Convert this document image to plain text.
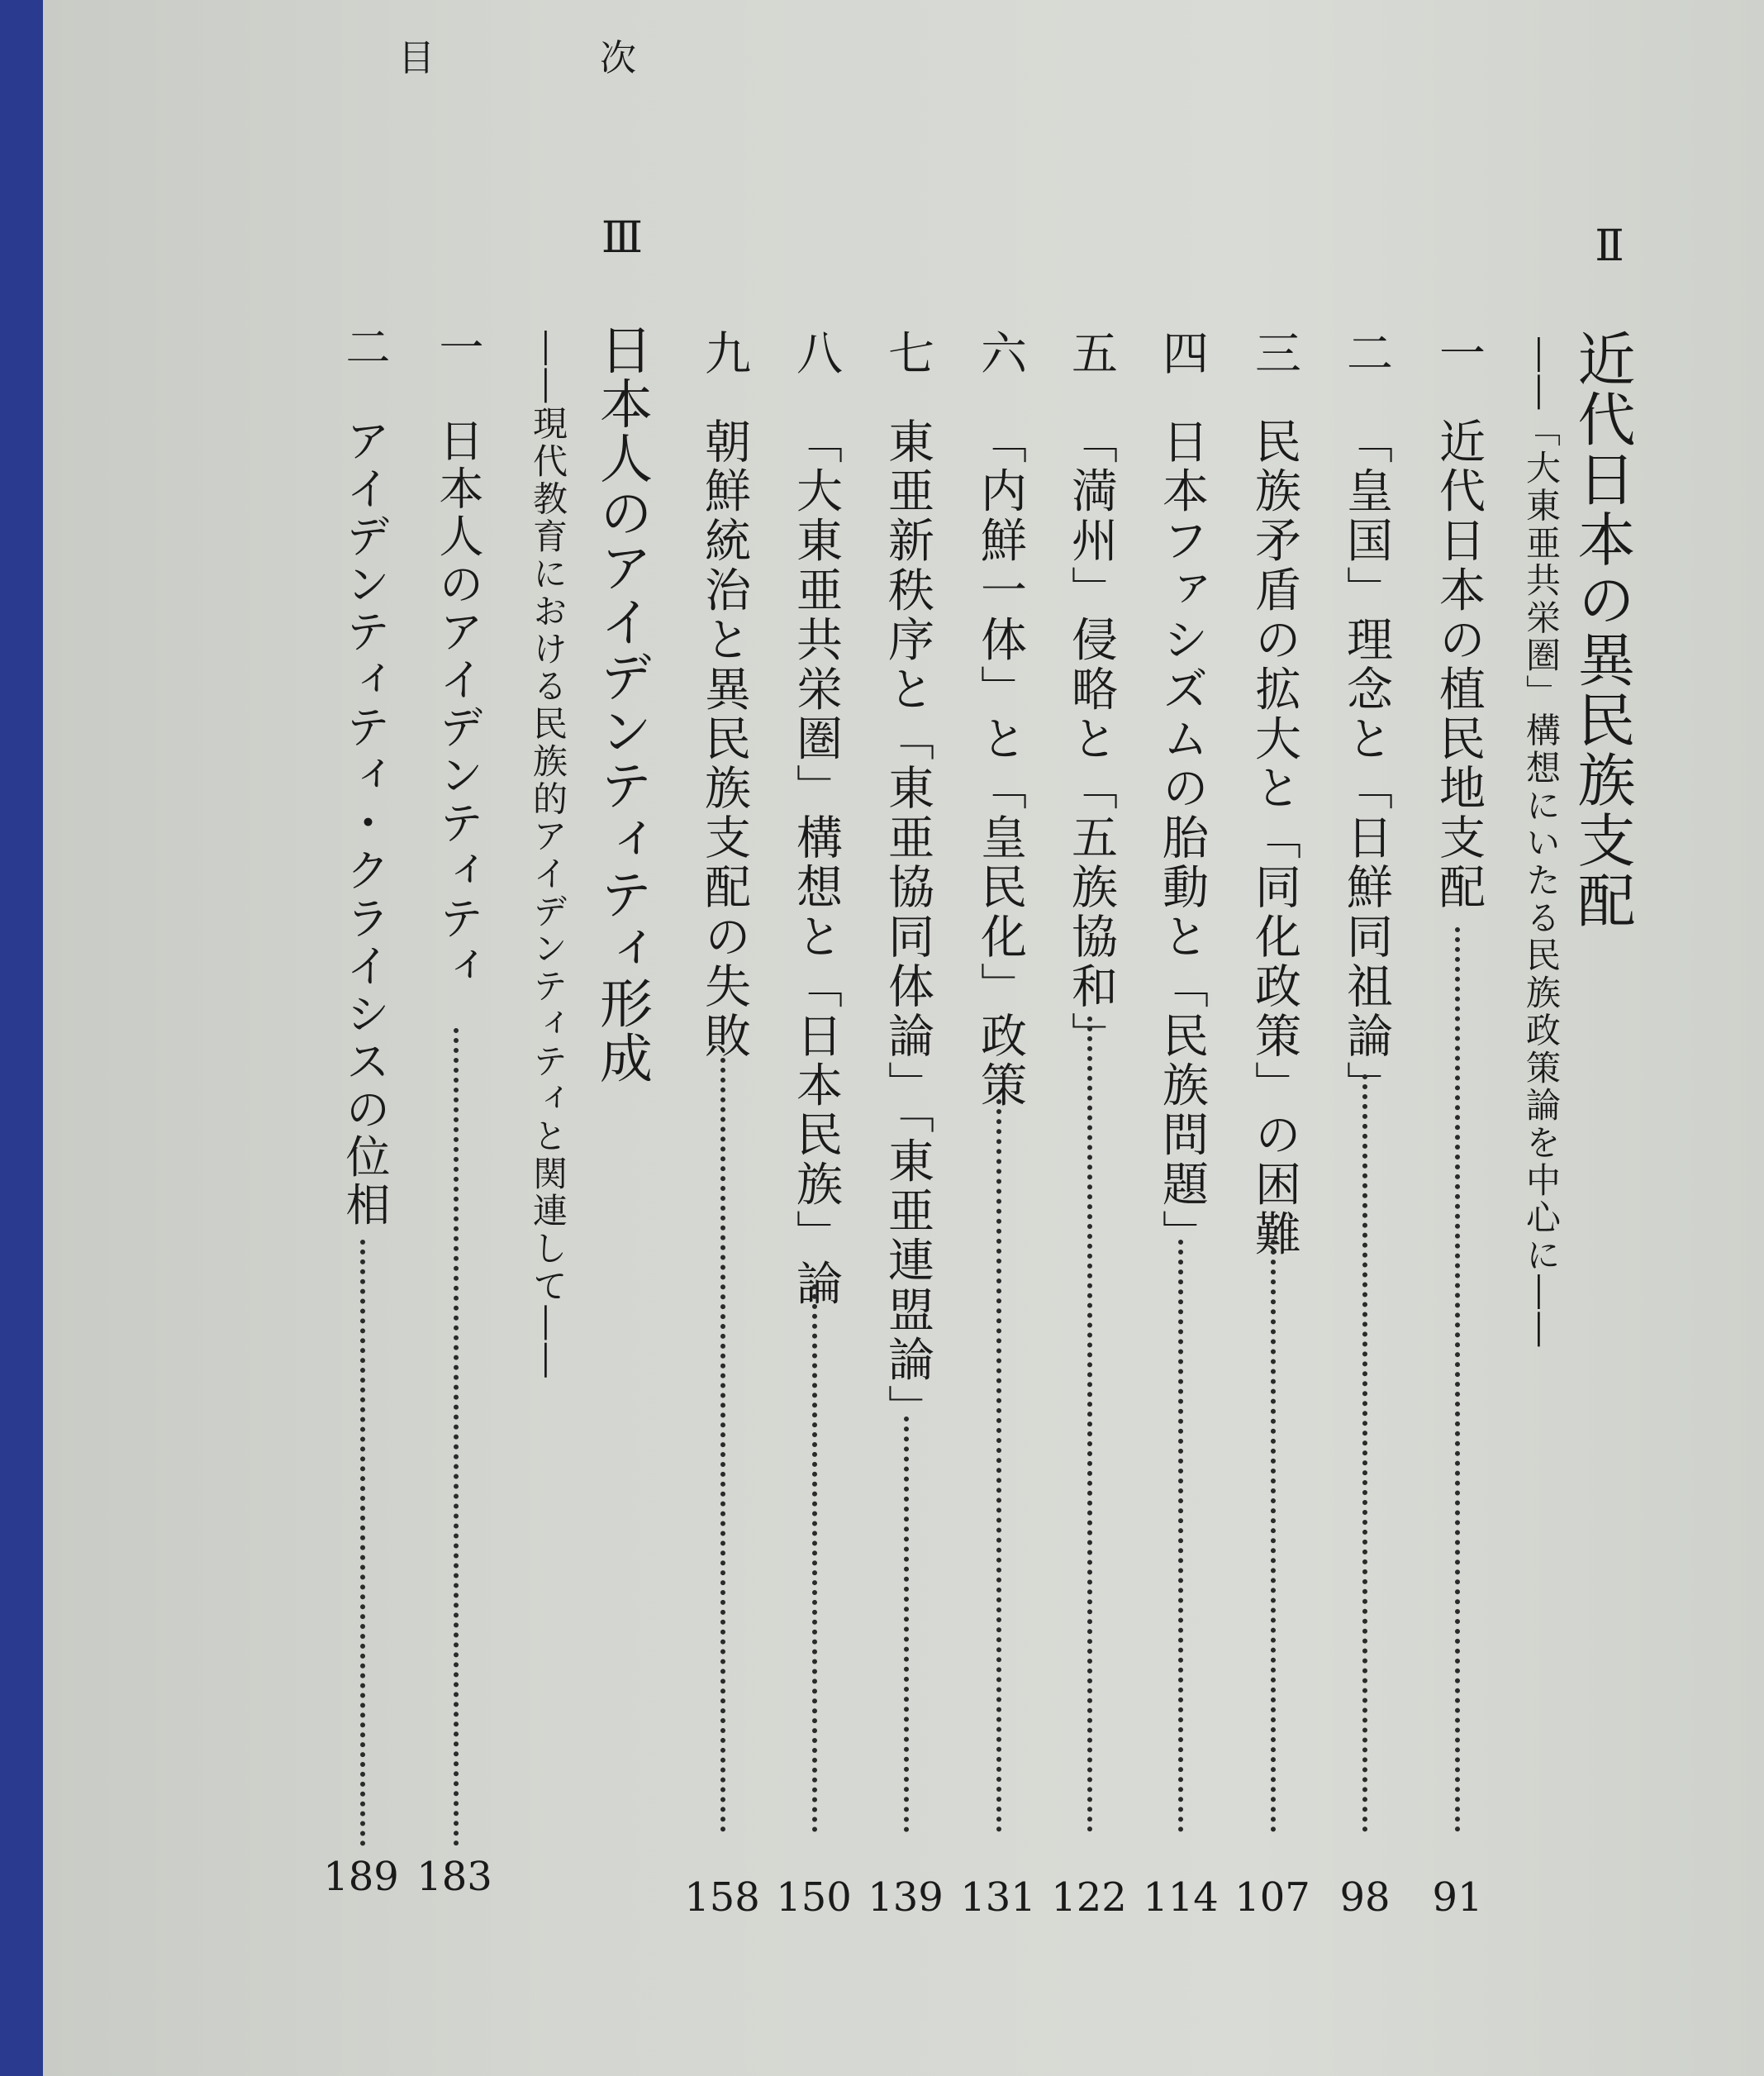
目　次
Ⅱ
近代日本の異民族支配
――「大東亜共栄圏」構想にいたる民族政策論を中心に――
一
近代日本の植民地支配
91
二
「皇国」理念と「日鮮同祖論」
98
三
民族矛盾の拡大と「同化政策」の困難
107
四
日本ファシズムの胎動と「民族問題」
114
五
「満州」侵略と「五族協和」
122
六
「内鮮一体」と「皇民化」政策
131
七
東亜新秩序と「東亜協同体論」「東亜連盟論」
139
八
「大東亜共栄圏」構想と「日本民族」論
150
九
朝鮮統治と異民族支配の失敗
158
Ⅲ
日本人のアイデンティティ形成
――現代教育における民族的アイデンティティと関連して――
一
日本人のアイデンティティ
183
二
アイデンティティ・クライシスの位相
189
